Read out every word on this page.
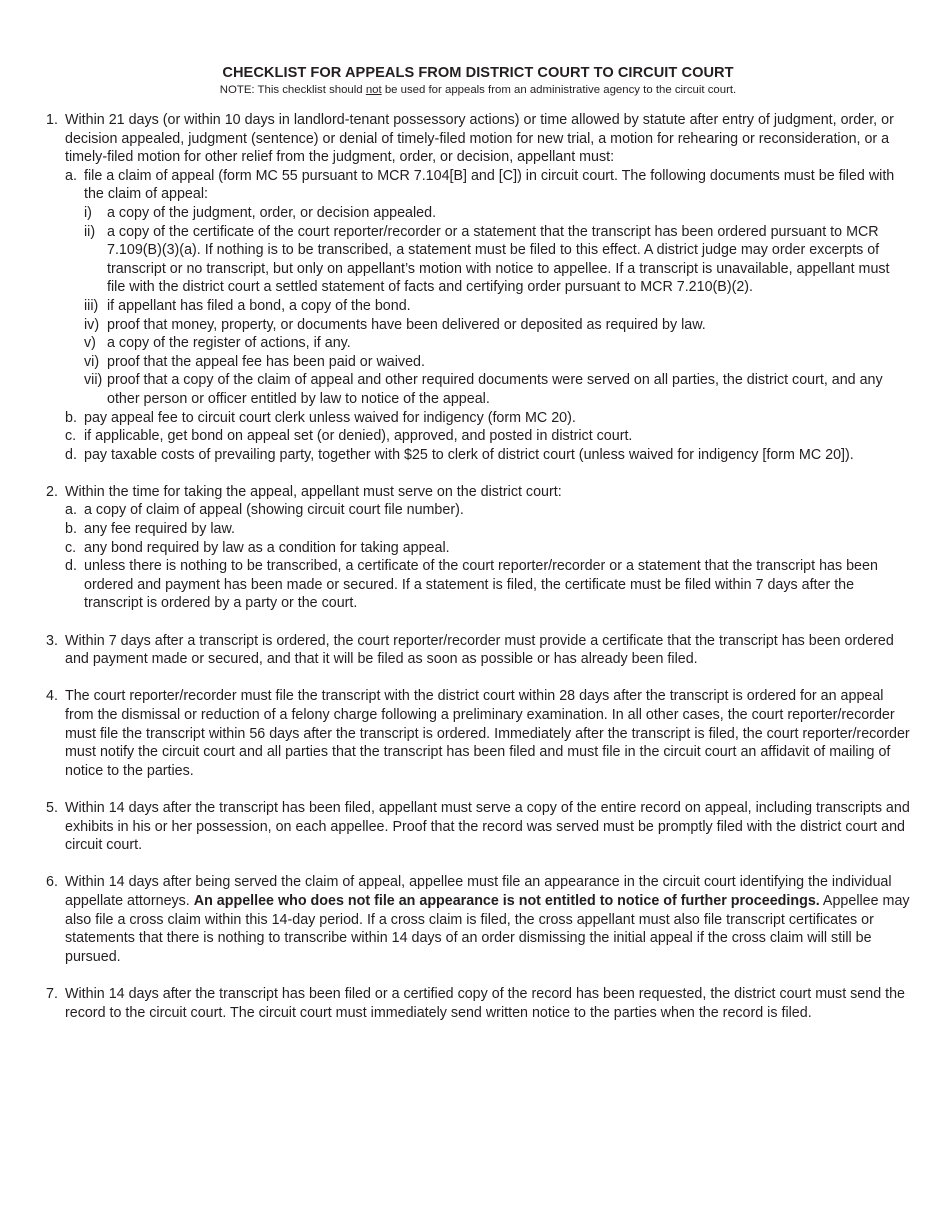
CHECKLIST FOR APPEALS FROM DISTRICT COURT TO CIRCUIT COURT

NOTE: This checklist should not be used for appeals from an administrative agency to the circuit court.

1. Within 21 days (or within 10 days in landlord-tenant possessory actions) or time allowed by statute after entry of judgment, order, or decision appealed, judgment (sentence) or denial of timely-filed motion for new trial, a motion for rehearing or reconsideration, or a timely-filed motion for other relief from the judgment, order, or decision, appellant must:
a. file a claim of appeal (form MC 55 pursuant to MCR 7.104[B] and [C]) in circuit court. The following documents must be filed with the claim of appeal:
i)	a copy of the judgment, order, or decision appealed.
ii) a copy of the certificate of the court reporter/recorder or a statement that the transcript has been ordered pursuant to MCR 7.109(B)(3)(a). If nothing is to be transcribed, a statement must be filed to this effect. A district judge may order excerpts of transcript or no transcript, but only on appellant’s motion with notice to appellee. If a transcript is unavailable, appellant must file with the district court a settled statement of facts and certifying order pursuant to MCR 7.210(B)(2).
iii) if appellant has filed a bond, a copy of the bond.
iv) proof that money, property, or documents have been delivered or deposited as required by law.
v) a copy of the register of actions, if any.
vi) proof that the appeal fee has been paid or waived.
vii) proof that a copy of the claim of appeal and other required documents were served on all parties, the district court, and any other person or officer entitled by law to notice of the appeal.
b. pay appeal fee to circuit court clerk unless waived for indigency (form MC 20).
c. if applicable, get bond on appeal set (or denied), approved, and posted in district court.
d. pay taxable costs of prevailing party, together with $25 to clerk of district court (unless waived for indigency [form MC 20]).
2. Within the time for taking the appeal, appellant must serve on the district court:
a. a copy of claim of appeal (showing circuit court file number).
b. any fee required by law.
c. any bond required by law as a condition for taking appeal.
d. unless there is nothing to be transcribed, a certificate of the court reporter/recorder or a statement that the transcript has been ordered and payment has been made or secured. If a statement is filed, the certificate must be filed within 7 days after the transcript is ordered by a party or the court.
3. Within 7 days after a transcript is ordered, the court reporter/recorder must provide a certificate that the transcript has been ordered and payment made or secured, and that it will be filed as soon as possible or has already been filed.
4. The court reporter/recorder must file the transcript with the district court within 28 days after the transcript is ordered for an appeal from the dismissal or reduction of a felony charge following a preliminary examination. In all other cases, the court reporter/recorder must file the transcript within 56 days after the transcript is ordered. Immediately after the transcript is filed, the court reporter/recorder must notify the circuit court and all parties that the transcript has been filed and must file in the circuit court an affidavit of mailing of notice to the parties.
5. Within 14 days after the transcript has been filed, appellant must serve a copy of the entire record on appeal, including transcripts and exhibits in his or her possession, on each appellee. Proof that the record was served must be promptly filed with the district court and circuit court.
6. Within 14 days after being served the claim of appeal, appellee must file an appearance in the circuit court identifying the individual appellate attorneys. An appellee who does not file an appearance is not entitled to notice of further proceedings. Appellee may also file a cross claim within this 14-day period. If a cross claim is filed, the cross appellant must also file transcript certificates or statements that there is nothing to transcribe within 14 days of an order dismissing the initial appeal if the cross claim will still be pursued.
7. Within 14 days after the transcript has been filed or a certified copy of the record has been requested, the district court must send the record to the circuit court. The circuit court must immediately send written notice to the parties when the record is filed.
